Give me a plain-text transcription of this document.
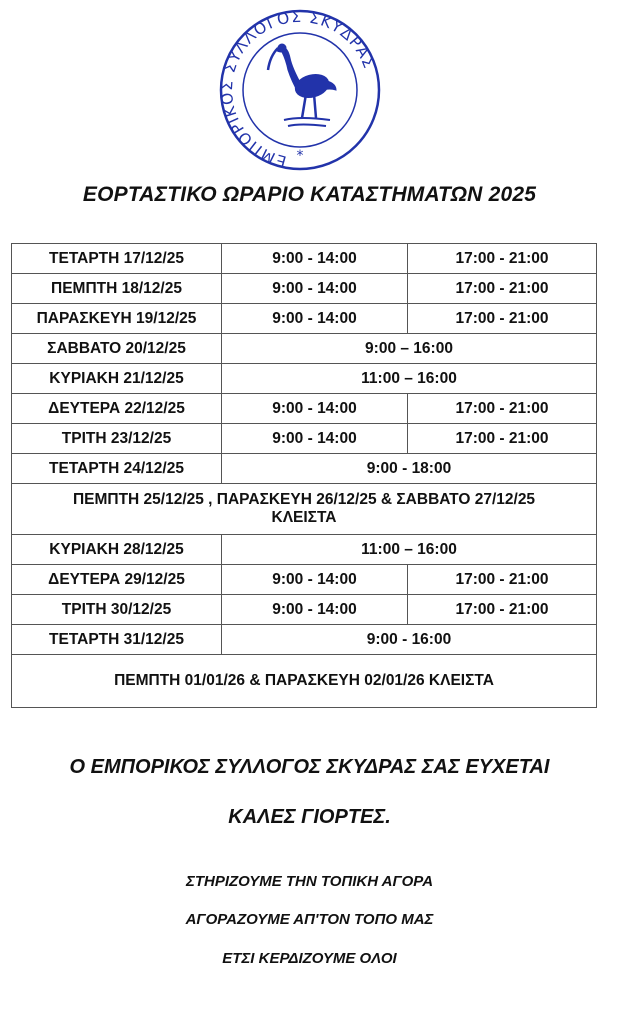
ΕΜΠΟΡΙΚΟΣ ΣΥΛΛΟΓΟΣ ΣΚΥΔΡΑΣ
*
ΕΟΡΤΑΣΤΙΚΟ ΩΡΑΡΙΟ ΚΑΤΑΣΤΗΜΑΤΩΝ 2025
ΤΕΤΑΡΤΗ 17/12/25	9:00 - 14:00	17:00 - 21:00
ΠΕΜΠΤΗ 18/12/25	9:00 - 14:00	17:00 - 21:00
ΠΑΡΑΣΚΕΥΗ 19/12/25	9:00 - 14:00	17:00 - 21:00
ΣΑΒΒΑΤΟ 20/12/25	9:00 – 16:00	
ΚΥΡΙΑΚΗ 21/12/25	11:00 – 16:00	
ΔΕΥΤΕΡΑ 22/12/25	9:00 - 14:00	17:00 - 21:00
ΤΡΙΤΗ 23/12/25	9:00 - 14:00	17:00 - 21:00
ΤΕΤΑΡΤΗ 24/12/25	9:00 - 18:00	

ΠΕΜΠΤΗ 25/12/25 , ΠΑΡΑΣΚΕΥΗ 26/12/25 & ΣΑΒΒΑΤΟ 27/12/25
ΚΛΕΙΣΤΑ		

ΚΥΡΙΑΚΗ 28/12/25	11:00 – 16:00	
ΔΕΥΤΕΡΑ 29/12/25	9:00 - 14:00	17:00 - 21:00
ΤΡΙΤΗ 30/12/25	9:00 - 14:00	17:00 - 21:00
ΤΕΤΑΡΤΗ 31/12/25	9:00 - 16:00	
ΠΕΜΠΤΗ 01/01/26 & ΠΑΡΑΣΚΕΥΗ 02/01/26 ΚΛΕΙΣΤΑ		
Ο ΕΜΠΟΡΙΚΟΣ ΣΥΛΛΟΓΟΣ ΣΚΥΔΡΑΣ ΣΑΣ ΕΥΧΕΤΑΙ
ΚΑΛΕΣ ΓΙΟΡΤΕΣ.
ΣΤΗΡΙΖΟΥΜΕ ΤΗΝ ΤΟΠΙΚΗ ΑΓΟΡΑ
ΑΓΟΡΑΖΟΥΜΕ ΑΠ'ΤΟΝ ΤΟΠΟ ΜΑΣ
ΕΤΣΙ ΚΕΡΔΙΖΟΥΜΕ ΟΛΟΙ
